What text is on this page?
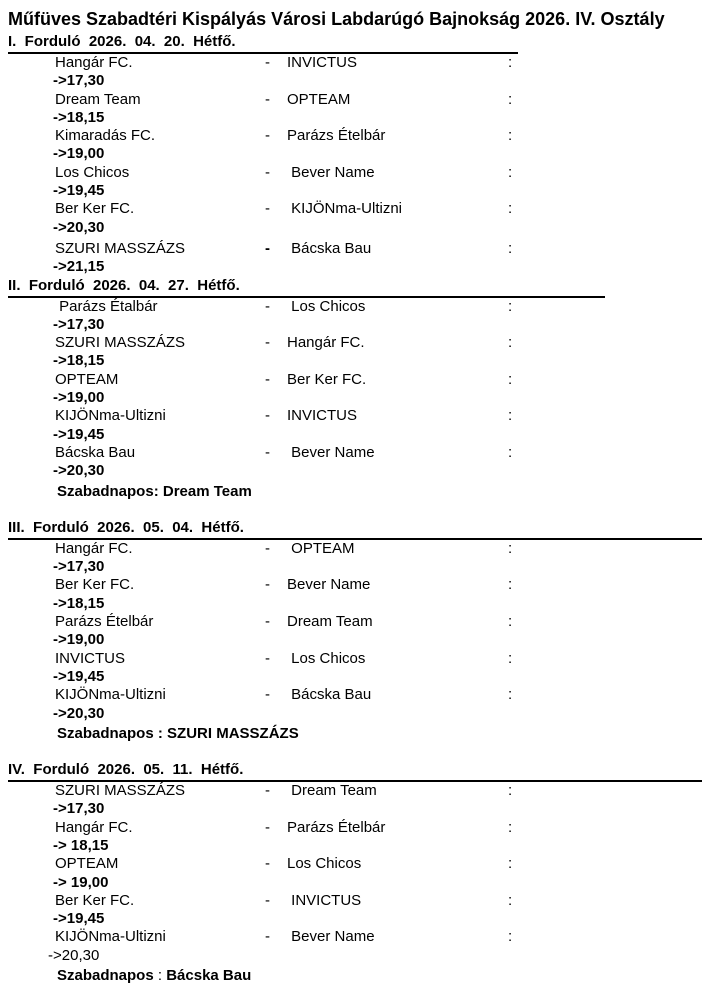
Műfüves Szabadtéri Kispályás Városi Labdarúgó Bajnokság 2026. IV. Osztály
I.  Forduló  2026.  04.  20.  Hétfő.
Hangár FC.	- INVICTUS	:
->17,30
Dream Team	- OPTEAM	:
->18,15
Kimaradás FC.	- Parázs Ételbár	:
->19,00
Los Chicos	- Bever Name	:
->19,45
Ber Ker FC.	- KIJÖNma-Ultizni	:
->20,30
SZURI MASSZÁZS	- Bácska Bau	:
->21,15
II.  Forduló  2026.  04.  27.  Hétfő.
Parázs Étalbár	- Los Chicos	:
->17,30
SZURI MASSZÁZS	- Hangár FC.	:
->18,15
OPTEAM	- Ber Ker FC.	:
->19,00
KIJÖNma-Ultizni	- INVICTUS	:
->19,45
Bácska Bau	- Bever Name	:
->20,30
Szabadnapos: Dream Team
III.  Forduló  2026.  05.  04.  Hétfő.
Hangár FC.	- OPTEAM	:
->17,30
Ber Ker FC.	- Bever Name	:
->18,15
Parázs Ételbár	- Dream Team	:
->19,00
INVICTUS	- Los Chicos	:
->19,45
KIJÖNma-Ultizni	- Bácska Bau	:
->20,30
Szabadnapos : SZURI MASSZÁZS
IV.  Forduló  2026.  05.  11.  Hétfő.
SZURI MASSZÁZS	- Dream Team	:
->17,30
Hangár FC.	- Parázs Ételbár	:
-> 18,15
OPTEAM	- Los Chicos	:
-> 19,00
Ber Ker FC.	- INVICTUS	:
->19,45
KIJÖNma-Ultizni	- Bever Name	:
->20,30
Szabadnapos : Bácska Bau
